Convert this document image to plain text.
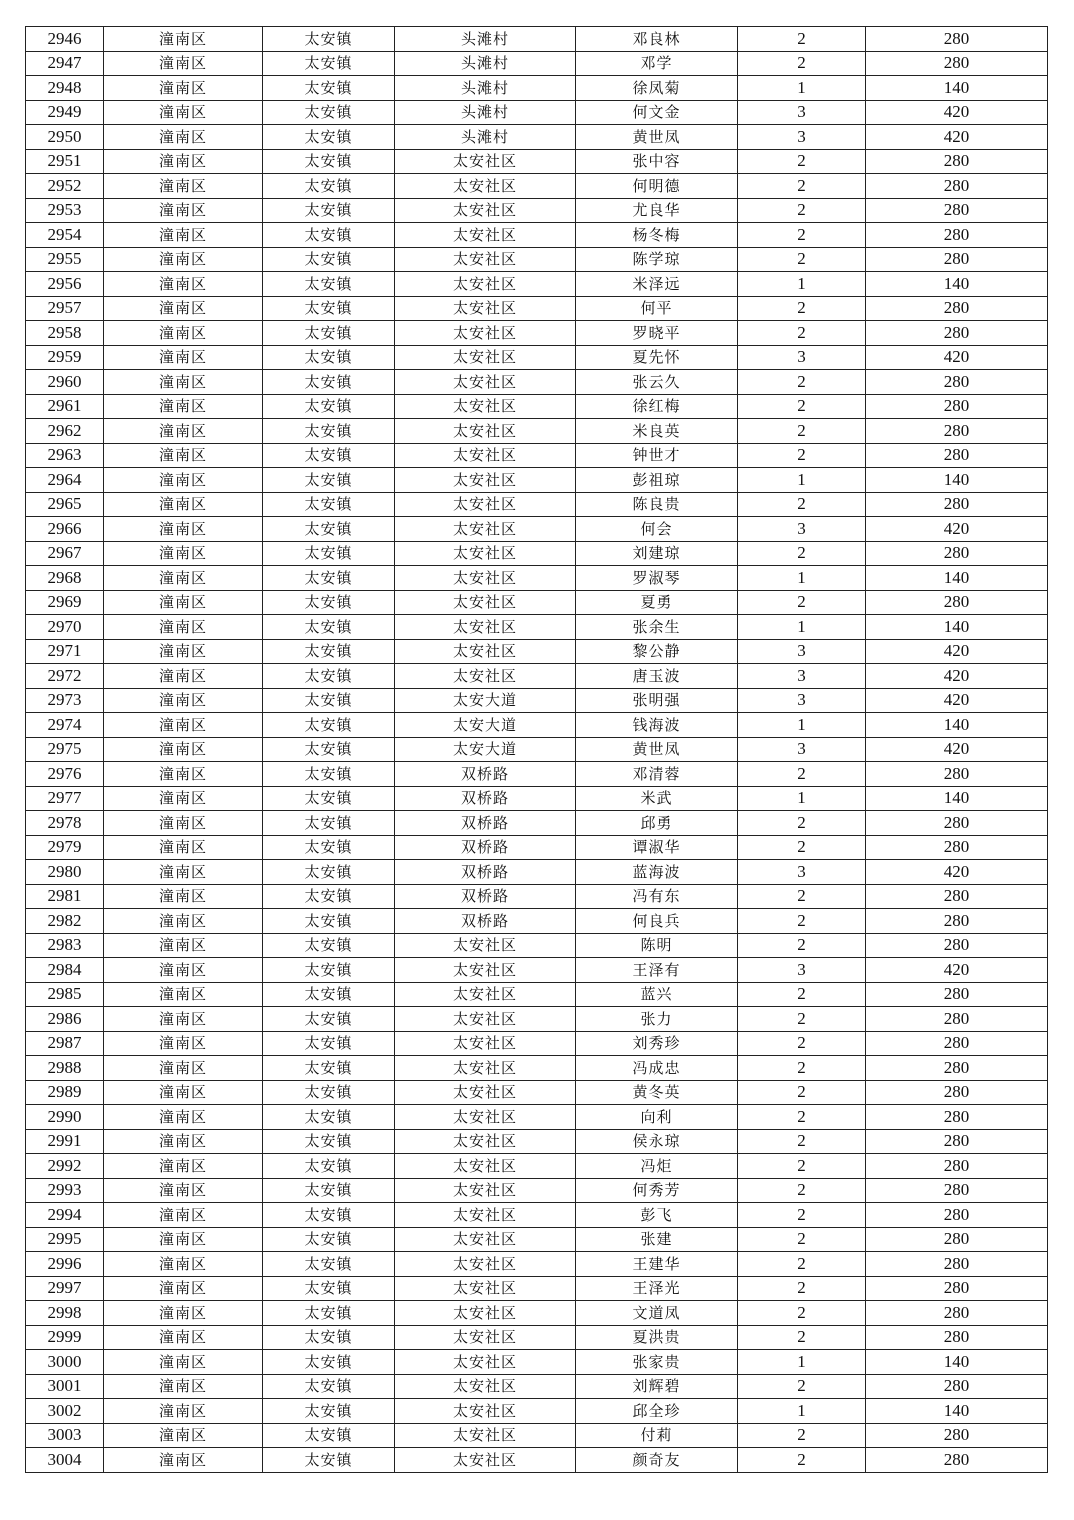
2946	潼南区	太安镇	头滩村	邓良林	2	280
2947	潼南区	太安镇	头滩村	邓学	2	280
2948	潼南区	太安镇	头滩村	徐凤菊	1	140
2949	潼南区	太安镇	头滩村	何文金	3	420
2950	潼南区	太安镇	头滩村	黄世凤	3	420
2951	潼南区	太安镇	太安社区	张中容	2	280
2952	潼南区	太安镇	太安社区	何明德	2	280
2953	潼南区	太安镇	太安社区	尤良华	2	280
2954	潼南区	太安镇	太安社区	杨冬梅	2	280
2955	潼南区	太安镇	太安社区	陈学琼	2	280
2956	潼南区	太安镇	太安社区	米泽远	1	140
2957	潼南区	太安镇	太安社区	何平	2	280
2958	潼南区	太安镇	太安社区	罗晓平	2	280
2959	潼南区	太安镇	太安社区	夏先怀	3	420
2960	潼南区	太安镇	太安社区	张云久	2	280
2961	潼南区	太安镇	太安社区	徐红梅	2	280
2962	潼南区	太安镇	太安社区	米良英	2	280
2963	潼南区	太安镇	太安社区	钟世才	2	280
2964	潼南区	太安镇	太安社区	彭祖琼	1	140
2965	潼南区	太安镇	太安社区	陈良贵	2	280
2966	潼南区	太安镇	太安社区	何会	3	420
2967	潼南区	太安镇	太安社区	刘建琼	2	280
2968	潼南区	太安镇	太安社区	罗淑琴	1	140
2969	潼南区	太安镇	太安社区	夏勇	2	280
2970	潼南区	太安镇	太安社区	张余生	1	140
2971	潼南区	太安镇	太安社区	黎公静	3	420
2972	潼南区	太安镇	太安社区	唐玉波	3	420
2973	潼南区	太安镇	太安大道	张明强	3	420
2974	潼南区	太安镇	太安大道	钱海波	1	140
2975	潼南区	太安镇	太安大道	黄世凤	3	420
2976	潼南区	太安镇	双桥路	邓清蓉	2	280
2977	潼南区	太安镇	双桥路	米武	1	140
2978	潼南区	太安镇	双桥路	邱勇	2	280
2979	潼南区	太安镇	双桥路	谭淑华	2	280
2980	潼南区	太安镇	双桥路	蓝海波	3	420
2981	潼南区	太安镇	双桥路	冯有东	2	280
2982	潼南区	太安镇	双桥路	何良兵	2	280
2983	潼南区	太安镇	太安社区	陈明	2	280
2984	潼南区	太安镇	太安社区	王泽有	3	420
2985	潼南区	太安镇	太安社区	蓝兴	2	280
2986	潼南区	太安镇	太安社区	张力	2	280
2987	潼南区	太安镇	太安社区	刘秀珍	2	280
2988	潼南区	太安镇	太安社区	冯成忠	2	280
2989	潼南区	太安镇	太安社区	黄冬英	2	280
2990	潼南区	太安镇	太安社区	向利	2	280
2991	潼南区	太安镇	太安社区	侯永琼	2	280
2992	潼南区	太安镇	太安社区	冯炬	2	280
2993	潼南区	太安镇	太安社区	何秀芳	2	280
2994	潼南区	太安镇	太安社区	彭飞	2	280
2995	潼南区	太安镇	太安社区	张建	2	280
2996	潼南区	太安镇	太安社区	王建华	2	280
2997	潼南区	太安镇	太安社区	王泽光	2	280
2998	潼南区	太安镇	太安社区	文道凤	2	280
2999	潼南区	太安镇	太安社区	夏洪贵	2	280
3000	潼南区	太安镇	太安社区	张家贵	1	140
3001	潼南区	太安镇	太安社区	刘辉碧	2	280
3002	潼南区	太安镇	太安社区	邱全珍	1	140
3003	潼南区	太安镇	太安社区	付莉	2	280
3004	潼南区	太安镇	太安社区	颜奇友	2	280
